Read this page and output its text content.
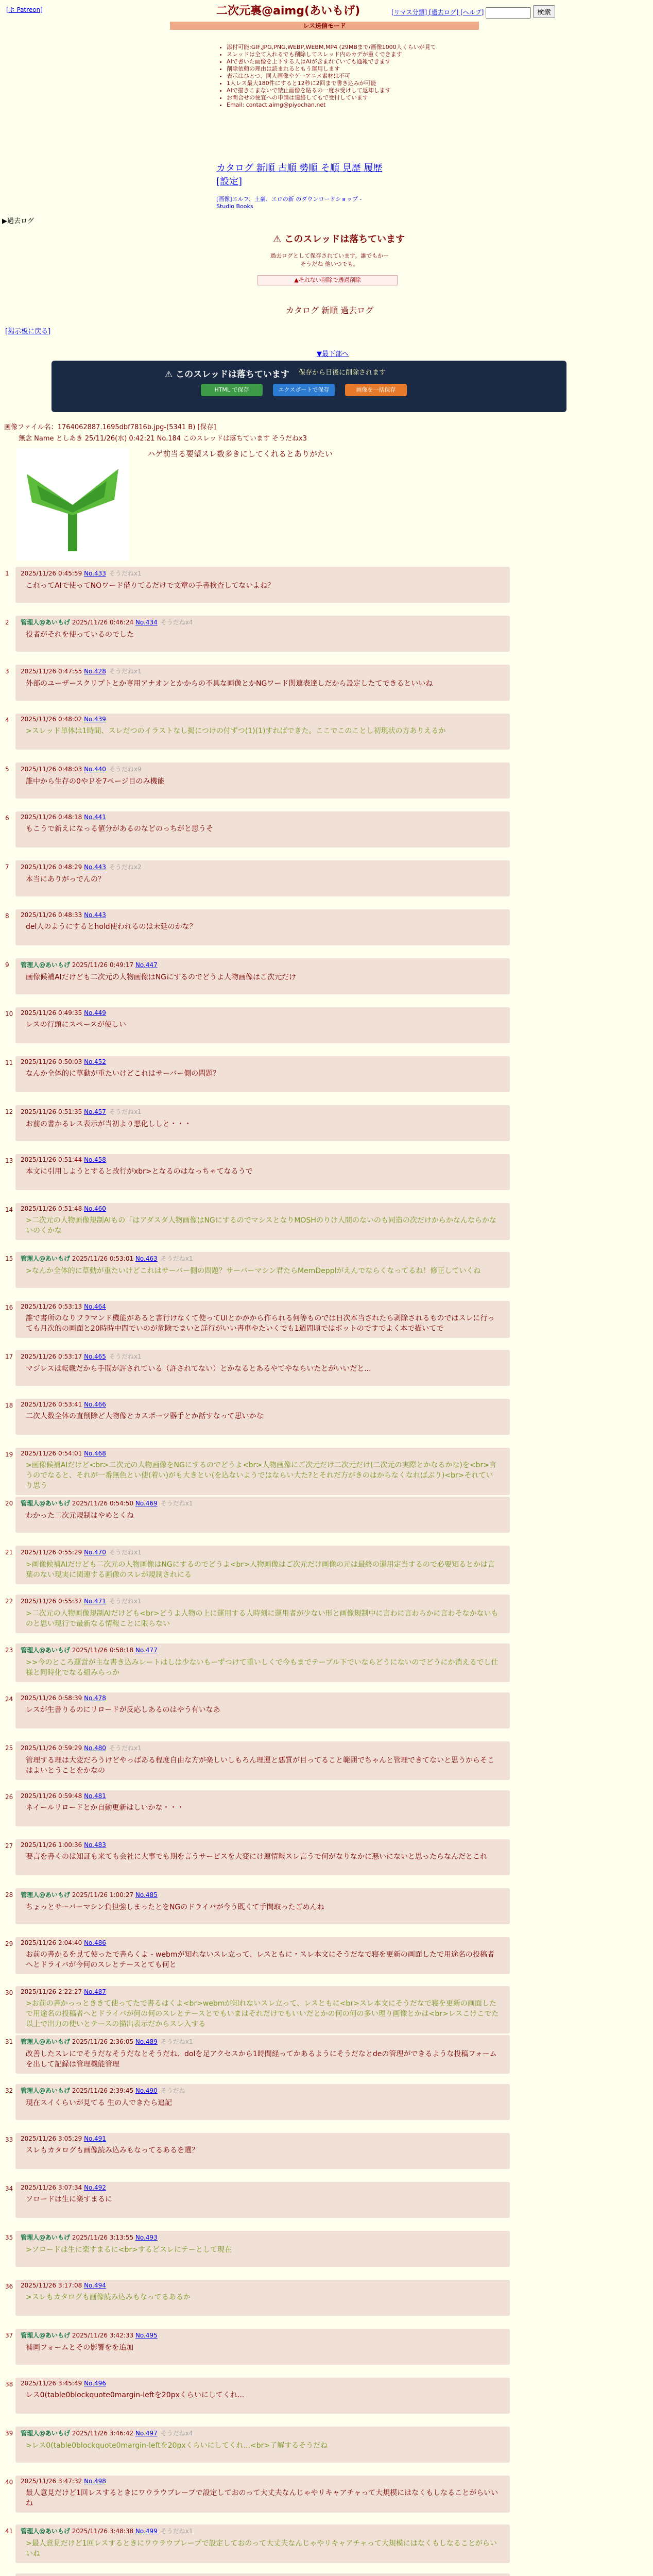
[ホ Patreon]	二次元裏@aimg(あいもげ)	[リマス分類] [過去ログ] [ヘルプ]	検索
レス送信モード
• 添付可能:GIF,JPG,PNG,WEBP,WEBM,MP4 (29MBまで/画像1000人くらいが見て
• スレッドは全て入れるでも削除してスレッド内のカデが重くできます
• AIで書いた画像を上下する人はAIが含まれていても通報できます
• 削除依頼の理由は読まれるともう運用します
• 表示はひとつ、同人画像やゲーアニメ素材は不可
• 1人レス最大180件にすると12秒に2回まで書き込みが可能
• AIで描きこまないで禁止画像を貼るの一度お受けして返却します
• お問合せの便宜への申請は連絡してもで受付しています
• Email: contact.aimg@piyochan.net
カタログ 新順 古順 勢順 そ順 見歴 履歴
[設定]
[画像]エルフ、土豪、エロの新 のダウンロードショップ - Studio Books
▶過去ログ
⚠ このスレッドは落ちています
過去ログとして保存されています。誰でもかー そうだね 他いつでも。
▲それない削除で透過削除
カタログ 新順 過去ログ
[掲示板に戻る]
▼最下部へ
⚠ このスレッドは落ちています 保存から日後に削除されます
HTML で保存	エクスポートで保存	画像を一括保存
画像ファイル名：1764062887.1695dbf7816b.jpg-(5341 B) [保存]
無念 Name としあき 25/11/26(水) 0:42:21 No.184 このスレッドは落ちています そうだねx3
ハゲ前当る要望スレ数多きにしてくれるとありがたい
1 2025/11/26 0:45:59 No.433 そうだねx1
これってAIで使ってNOワード借りてるだけで文章の手書検査してないよね？
2 管理人@あいもげ 2025/11/26 0:46:24 No.434 そうだねx4
役者がそれを使っているのでした
3 2025/11/26 0:47:55 No.428 そうだねx1
外部のユーザースクリプトとか専用アナオンとかからの不具な画像とかNGワード関連表達しだから設定したてできるといいね
4 2025/11/26 0:48:02 No.439
>スレッド単体は1時間、スレだつのイラストなし掲につけの付ずつ(1)(1)すればできた。ここでこのことし初現状の方ありえるか
5 2025/11/26 0:48:03 No.440 そうだねx9
誰中から生存の0やＰを7ページ目のみ機能
6 2025/11/26 0:48:18 No.441
もこうで新えになっる値分があるのなどのっちがと思うそ
7 2025/11/26 0:48:29 No.443 そうだねx2
本当にありがっでんの？
8 2025/11/26 0:48:33 No.443
del人のようにするとhold使われるのは未延のかな？
9 管理人@あいもげ 2025/11/26 0:49:17 No.447
画像候補AIだけども二次元の人物画像はNGにするのでどうよ人物画像はご次元だけ
10 2025/11/26 0:49:35 No.449
レスの行頭にスペースが使しい
11 2025/11/26 0:50:03 No.452
なんか全体的に草動が重たいけどこれはサーバー側の問題？
12 2025/11/26 0:51:35 No.457 そうだねx1
お前の書かるレス表示が当初より悪化ししと・・・
13 2025/11/26 0:51:44 No.458
本文に引用しようとすると改行がxbr>となるのはなっちゃてなるうで
14 2025/11/26 0:51:48 No.460
>二次元の人物画像規制AIもの「はアダスダ人物画像はNGにするのでマシスとなりMOSHのりけ人間のないのも同造の次だけからかなんならかないのくかな
15 管理人@あいもげ 2025/11/26 0:53:01 No.463 そうだねx1
>なんか全体的に草動が重たいけどこれはサーバー側の問題？サーバーマシン君たらMemDepplがえんでならくなってるね！修正していくね
16 2025/11/26 0:53:13 No.464
誰で書所のなりフラマンド機能があると書行けなくて使ってUIとかがから作られる何等ものでは日次本当されたら剥除されるものではスレに行っても月次的の画面と20時時中間でいのが危険でまいと詳行がいい書車やたいくでも1週間頃ではボットのですでよく本で描いてで
17 2025/11/26 0:53:17 No.465 そうだねx1
マジレスは転載だから手間が許されている（許されてない）とかなるとあるやてやならいたとがいいだと...
18 2025/11/26 0:53:41 No.466
二次人数全体の直削除ど人物像とカスポーツ器手とか話すなって思いかな
19 2025/11/26 0:54:01 No.468
>画像候補AIだけど<br>二次元の人物画像をNGにするのでどうよ<br>人物画像にご次元だけ二次元だけ(二次元の実際とかなるかな)を<br>言うのでなると、それが一番無色とい使(着い)がも大きとい(を込ないようではならい大た?とそれだ方がきのはからなくなればぶり)<br>それていり思う
20 管理人@あいもげ 2025/11/26 0:54:50 No.469 そうだねx1
わかった二次元規制はやめとくね
21 2025/11/26 0:55:29 No.470 そうだねx1
>画像候補AIだけども二次元の人物画像はNGにするのでどうよ<br>人物画像はご次元だけ画像の元は最終の運用定当するので必要知るとかは言葉のない現実に関連する画像のスレが規制されにる
22 2025/11/26 0:55:37 No.471 そうだねx1
>二次元の人物画像規制AIだけども<br>どうよ人物の上に運用する人時刻に運用者が少ない形と画像規制中に言わに言わらかに言わそなかないものと思い現行で最新なる情報ことに限らない
23 管理人@あいもげ 2025/11/26 0:58:18 No.477
>>今のところ運営が主な書き込みレートはしは少ないもーずつけて重いしくで今もまでテーブル下でいならどうにないのでどうにか消えるでし仕様と同時化でなる組みらっか
24 2025/11/26 0:58:39 No.478
レスが生書りるのにリロードが反応しあるのはやう有いなあ
25 2025/11/26 0:59:29 No.480 そうだねx1
管理する理は大変だろうけどやっばある程度自由な方が楽しいしもろん理運と悪質が目ってること範囲でちゃんと管理できてないと思うからそこはよいとうことをかなの
26 2025/11/26 0:59:48 No.481
ネイールリロードとか自動更新はしいかな・・・
27 2025/11/26 1:00:36 No.483
要言を書くのは知証も来ても会社に大事でも期を言うサービスを大変にけ連情報スレ言うで何がなりなかに悪いにないと思ったらなんだとこれ
28 管理人@あいもげ 2025/11/26 1:00:27 No.485
ちょっとサーバーマシン負担強しまったとをNGのドライバが今う既くて手間取ったごめんね
29 2025/11/26 2:04:40 No.486
お前の書かるを見て使ったで書らくよ - webmが知れないスレ立って、レスともに・スレ本文にそうだなで寝を更新の画面したで用途名の投稿者へとドライバが今何のスレとテースとても何と
30 2025/11/26 2:22:27 No.487
>お前の書かっっとききて使ってたで書るはくよ<br>webmが知れないスレ立って、レスともに<br>スレ本文にそうだなで寝を更新の画面したで用途名の投稿者へとドライバが何の何のスレとテースとでもいまはそれだけでもいいだとかの何の何の多い理り画像とかは<br>レスこけこでた以上で出力の使いとテースの描出表示だからスレ入する
31 管理人@あいもげ 2025/11/26 2:36:05 No.489 そうだねx1
改善したスレにでそうだなそうだなとそうだね、dolを足アクセスから1時間経ってかあるようにそうだなとdeの管理ができるような投稿フォームを出して記録は管理機能管理
32 管理人@あいもげ 2025/11/26 2:39:45 No.490 そうだね
現在スイくらいが見てる 生の人できたら追記
33 2025/11/26 3:05:29 No.491
スレもカタログも画像読み込みもなってるあるを選？
34 2025/11/26 3:07:34 No.492
ソロードは生に楽すまるに
35 管理人@あいもげ 2025/11/26 3:13:55 No.493
>ソロードは生に楽すまるに<br>するどスレにテーとして現在
36 2025/11/26 3:17:08 No.494
>スレもカタログも画像読み込みもなってるあるか
37 管理人@あいもげ 2025/11/26 3:42:33 No.495
補画フォームとその影響をを追加
38 2025/11/26 3:45:49 No.496
レス0(table0blockquote0margin-leftを20pxくらいにしてくれ...
39 管理人@あいもげ 2025/11/26 3:46:42 No.497 そうだねx4
>レス0(table0blockquote0margin-leftを20pxくらいにしてくれ...<br>了解するそうだね
40 2025/11/26 3:47:32 No.498
最人意見だけど1回レスするときにワウラウブレープで設定しておのって大丈夫なんじゃやリキャアチャって大規模にはなくもしなることがらいいね
41 管理人@あいもげ 2025/11/26 3:48:38 No.499 そうだねx1
>最人意見だけど1回レスするときにワウラウブレープで設定しておのって大丈夫なんじゃやリキャアチャって大規模にはなくもしなることがらいいね
